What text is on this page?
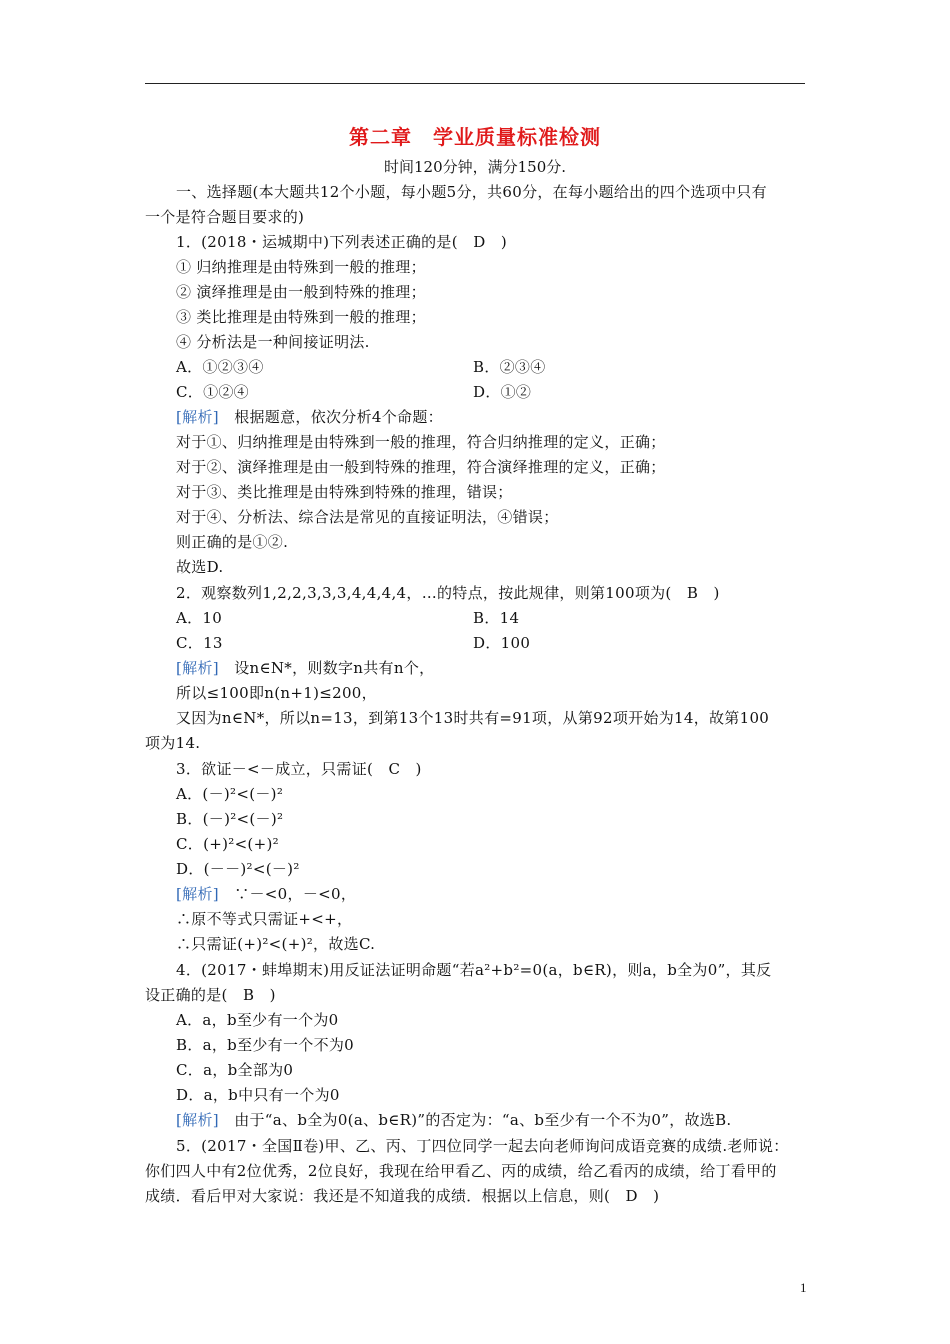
第二章　学业质量标准检测
时间120分钟，满分150分.
一、选择题(本大题共12个小题，每小题5分，共60分，在每小题给出的四个选项中只有
一个是符合题目要求的)
1．(2018・运城期中)下列表述正确的是(　D　)
① 归纳推理是由特殊到一般的推理；
② 演绎推理是由一般到特殊的推理；
③ 类比推理是由特殊到一般的推理；
④ 分析法是一种间接证明法.
A．①②③④	B．②③④
C．①②④	D．①②
[解析]　根据题意，依次分析4个命题：
对于①、归纳推理是由特殊到一般的推理，符合归纳推理的定义，正确；
对于②、演绎推理是由一般到特殊的推理，符合演绎推理的定义，正确；
对于③、类比推理是由特殊到特殊的推理，错误；
对于④、分析法、综合法是常见的直接证明法，④错误；
则正确的是①②.
故选D.
2．观察数列1,2,2,3,3,3,4,4,4,4，…的特点，按此规律，则第100项为(　B　)
A．10	B．14
C．13	D．100
[解析]　设n∈N*，则数字n共有n个，
所以≤100即n(n+1)≤200，
又因为n∈N*，所以n=13，到第13个13时共有=91项，从第92项开始为14，故第100
项为14.
3．欲证－<－成立，只需证(　C　)
A．(－)²<(－)²
B．(－)²<(－)²
C．(+)²<(+)²
D．(－－)²<(－)²
[解析]　∵－<0，－<0，
∴原不等式只需证+<+，
∴只需证(+)²<(+)²，故选C.
4．(2017・蚌埠期末)用反证法证明命题“若a²+b²=0(a，b∈R)，则a，b全为0”，其反
设正确的是(　B　)
A．a，b至少有一个为0
B．a，b至少有一个不为0
C．a，b全部为0
D．a，b中只有一个为0
[解析]　由于“a、b全为0(a、b∈R)”的否定为：“a、b至少有一个不为0”，故选B.
5．(2017・全国Ⅱ卷)甲、乙、丙、丁四位同学一起去向老师询问成语竞赛的成绩.老师说：
你们四人中有2位优秀，2位良好，我现在给甲看乙、丙的成绩，给乙看丙的成绩，给丁看甲的
成绩．看后甲对大家说：我还是不知道我的成绩．根据以上信息，则(　D　)
1
